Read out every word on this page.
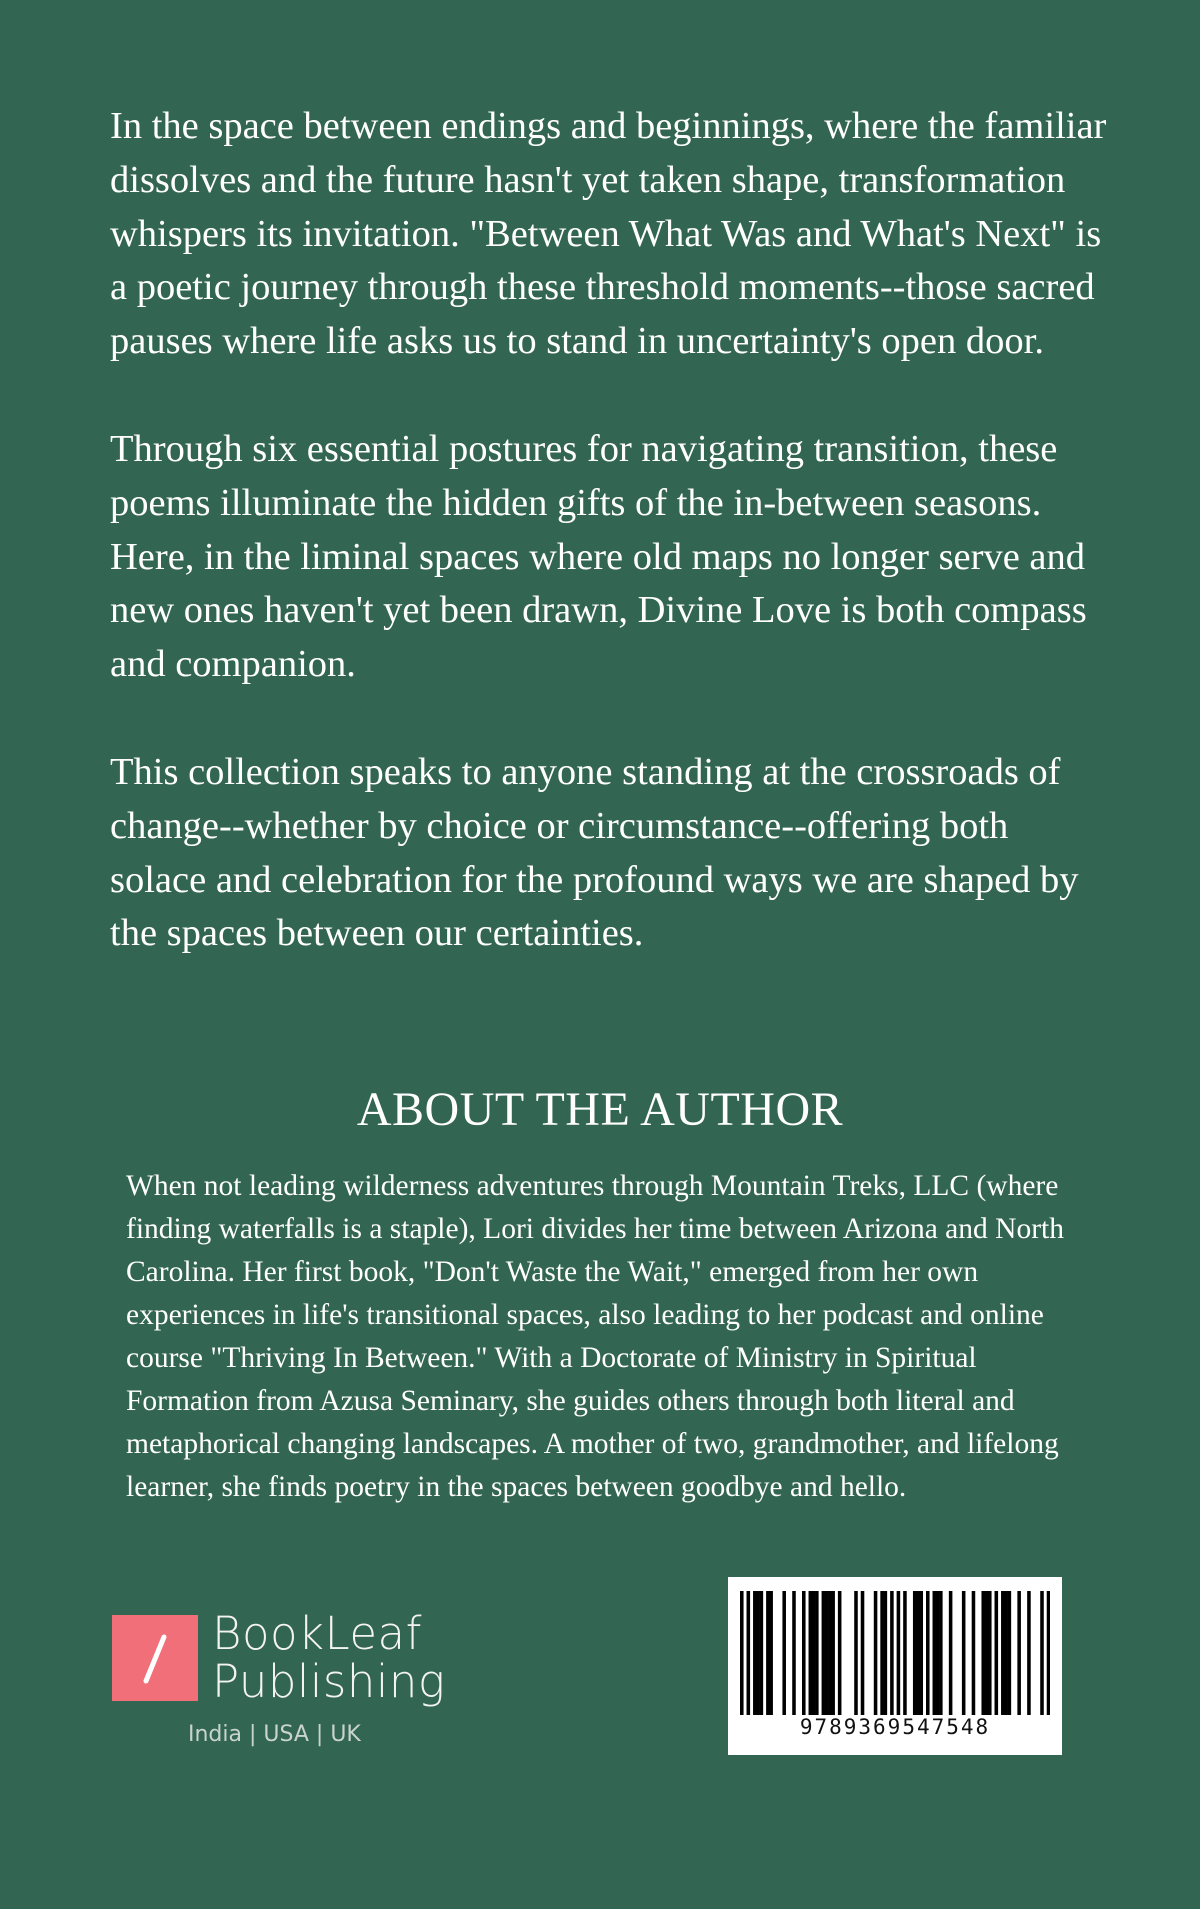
In the space between endings and beginnings, where the familiar dissolves and the future hasn't yet taken shape, transformation whispers its invitation. "Between What Was and What's Next" is a poetic journey through these threshold moments--those sacred pauses where life asks us to stand in uncertainty's open door.

Through six essential postures for navigating transition, these poems illuminate the hidden gifts of the in-between seasons. Here, in the liminal spaces where old maps no longer serve and new ones haven't yet been drawn, Divine Love is both compass and companion.

This collection speaks to anyone standing at the crossroads of change--whether by choice or circumstance--offering both solace and celebration for the profound ways we are shaped by the spaces between our certainties.

ABOUT THE AUTHOR

When not leading wilderness adventures through Mountain Treks, LLC (where finding waterfalls is a staple), Lori divides her time between Arizona and North Carolina. Her first book, "Don't Waste the Wait," emerged from her own experiences in life's transitional spaces, also leading to her podcast and online course "Thriving In Between." With a Doctorate of Ministry in Spiritual Formation from Azusa Seminary, she guides others through both literal and metaphorical changing landscapes. A mother of two, grandmother, and lifelong learner, she finds poetry in the spaces between goodbye and hello.

BookLeaf
Publishing
India | USA | UK	9789369547548
